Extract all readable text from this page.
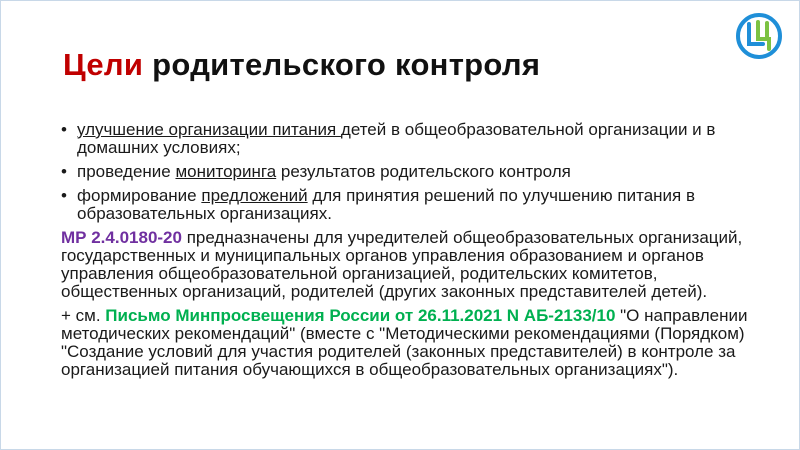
Цели родительского контроля
• улучшение организации питания детей в общеобразовательной организации и в домашних условиях;
• проведение мониторинга результатов родительского контроля
• формирование предложений для принятия решений по улучшению питания в образовательных организациях.

МР 2.4.0180-20 предназначены для учредителей общеобразовательных организаций, государственных и муниципальных органов управления образованием и органов управления общеобразовательной организацией, родительских комитетов, общественных организаций, родителей (других законных представителей детей).

+ см. Письмо Минпросвещения России от 26.11.2021 N АБ-2133/10 "О направлении методических рекомендаций" (вместе с "Методическими рекомендациями (Порядком) "Создание условий для участия родителей (законных представителей) в контроле за организацией питания обучающихся в общеобразовательных организациях").
